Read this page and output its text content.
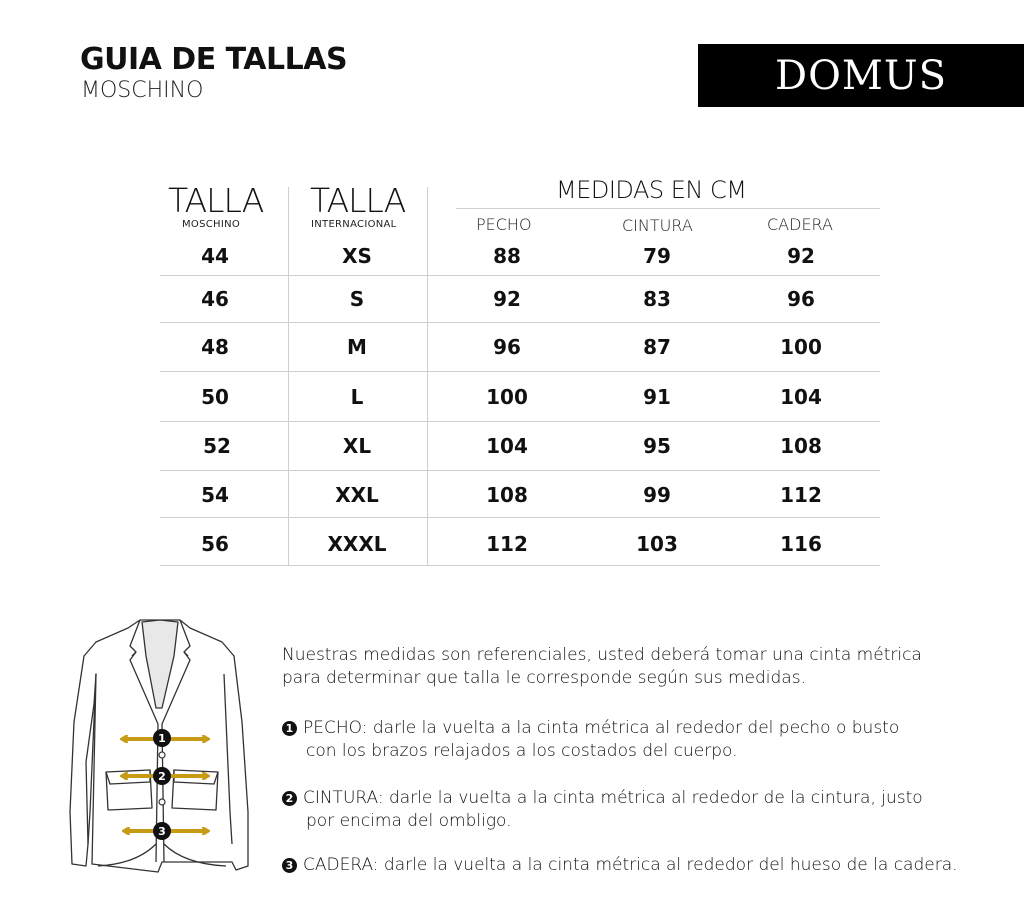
GUIA DE TALLAS
MOSCHINO	DOMUS
TALLA
MOSCHINO
TALLA
INTERNACIONAL
MEDIDAS EN CM
PECHO	CINTURA	CADERA
44	XS	88	79	92
46	S	92	83	96
48	M	96	87	100
50	L	100	91	104
52	XL	104	95	108
54	XXL	108	99	112
56	XXXL	112	103	116
1
2
3
Nuestras medidas son referenciales, usted deberá tomar una cinta métrica
para determinar que talla le corresponde según sus medidas.
1 PECHO: darle la vuelta a la cinta métrica al rededor del pecho o busto
con los brazos relajados a los costados del cuerpo.
2 CINTURA: darle la vuelta a la cinta métrica al rededor de la cintura, justo
por encima del ombligo.
3 CADERA: darle la vuelta a la cinta métrica al rededor del hueso de la cadera.
